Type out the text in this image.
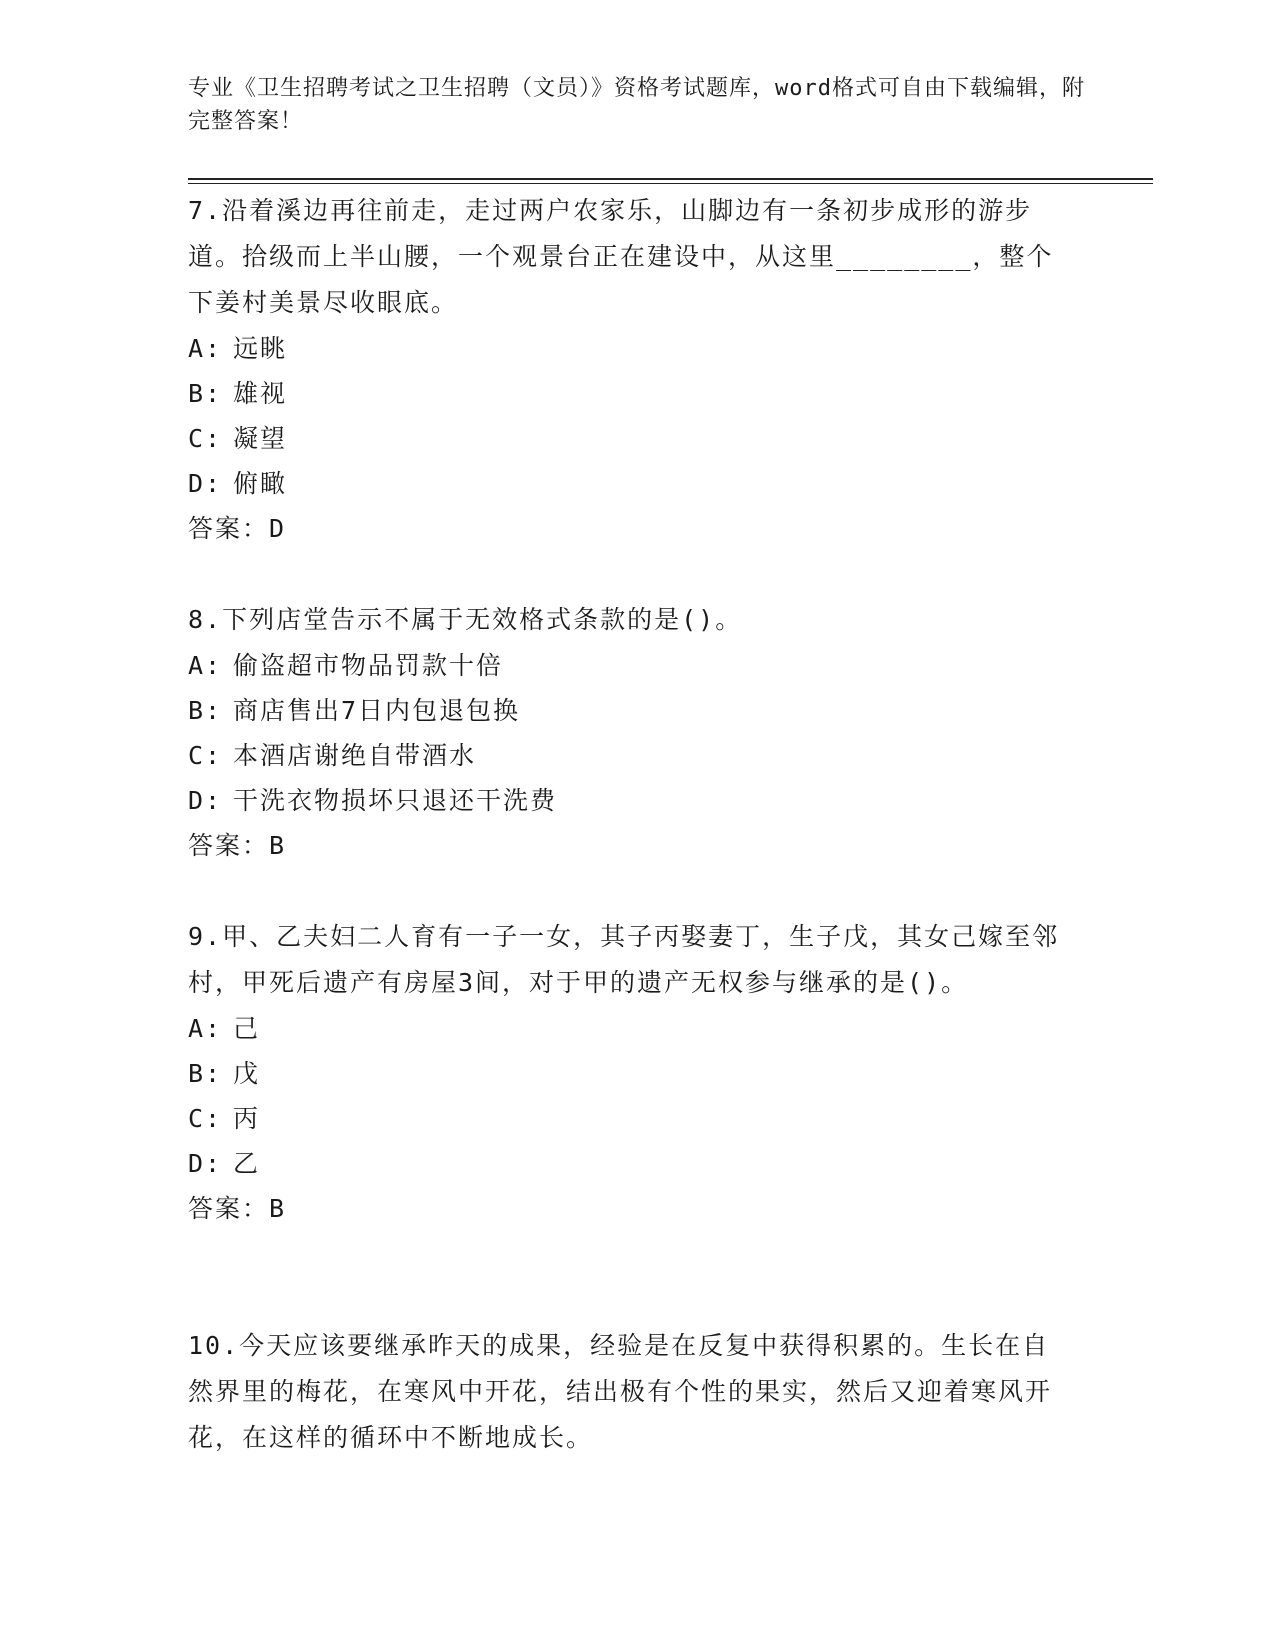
专业《卫生招聘考试之卫生招聘（文员）》资格考试题库，word格式可自由下载编辑，附完整答案！
7.沿着溪边再往前走，走过两户农家乐，山脚边有一条初步成形的游步道。拾级而上半山腰，一个观景台正在建设中，从这里________，整个下姜村美景尽收眼底。
A: 远眺
B: 雄视
C: 凝望
D: 俯瞰
答案：D
8.下列店堂告示不属于无效格式条款的是()。
A: 偷盗超市物品罚款十倍
B: 商店售出7日内包退包换
C: 本酒店谢绝自带酒水
D: 干洗衣物损坏只退还干洗费
答案：B
9.甲、乙夫妇二人育有一子一女，其子丙娶妻丁，生子戊，其女己嫁至邻村，甲死后遗产有房屋3间，对于甲的遗产无权参与继承的是()。
A: 己
B: 戊
C: 丙
D: 乙
答案：B
10.今天应该要继承昨天的成果，经验是在反复中获得积累的。生长在自然界里的梅花，在寒风中开花，结出极有个性的果实，然后又迎着寒风开花，在这样的循环中不断地成长。
